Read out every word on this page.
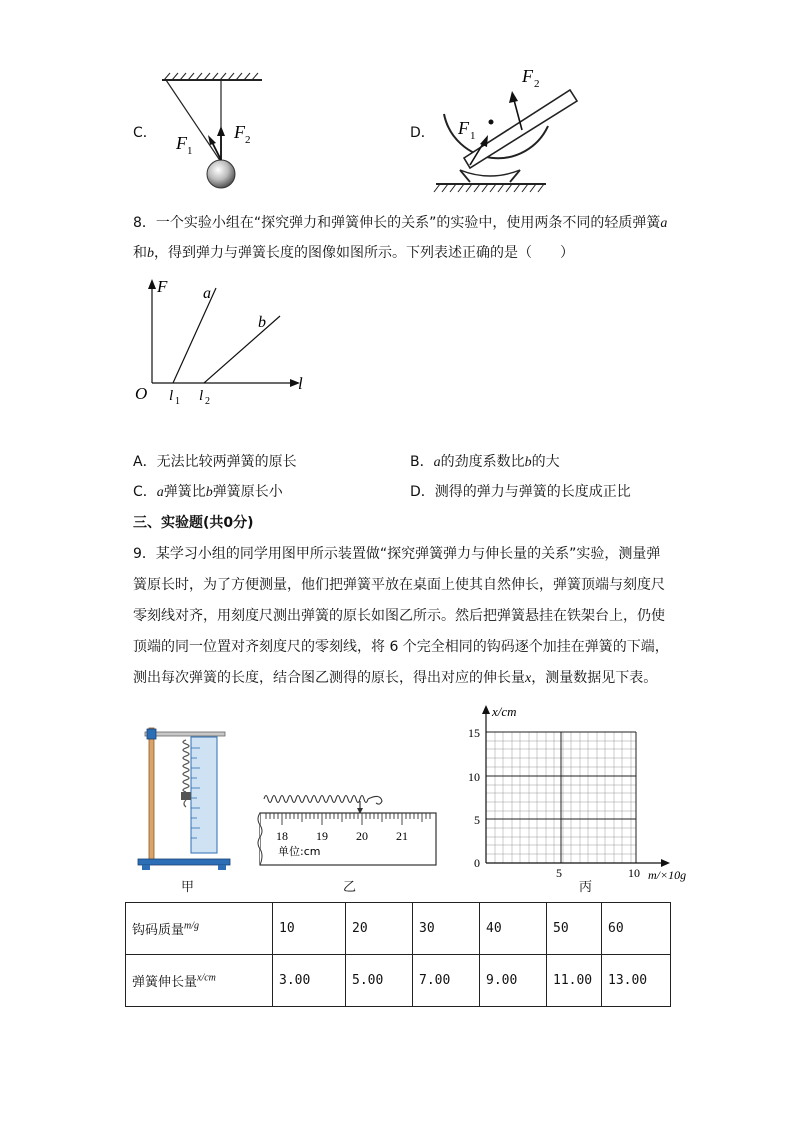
C． F 1
F 2	D． F 1
F 2
8．一个实验小组在“探究弹力和弹簧伸长的关系”的实验中，使用两条不同的轻质弹簧a
和b，得到弹力与弹簧长度的图像如图所示。下列表述正确的是（　　）
F
l
O
a
b
l 1 l 2
A．无法比较两弹簧的原长	B．a的劲度系数比b的大
C．a弹簧比b弹簧原长小	D．测得的弹力与弹簧的长度成正比
三、实验题(共0分)
9．某学习小组的同学用图甲所示装置做“探究弹簧弹力与伸长量的关系”实验，测量弹
簧原长时，为了方便测量，他们把弹簧平放在桌面上使其自然伸长，弹簧顶端与刻度尺
零刻线对齐，用刻度尺测出弹簧的原长如图乙所示。然后把弹簧悬挂在铁架台上，仍使
顶端的同一位置对齐刻度尺的零刻线，将 6 个完全相同的钩码逐个加挂在弹簧的下端，
测出每次弹簧的长度，结合图乙测得的原长，得出对应的伸长量x，测量数据见下表。
甲
18 19 20 21
单位:cm
乙
x/cm
15
10
5
0
5	10 m/×10g
丙
钩码质量$^{m/g}$	10	20	30	40	50	60
弹簧伸长量$^{x/cm}$	3.00	5.00	7.00	9.00	11.00	13.00
